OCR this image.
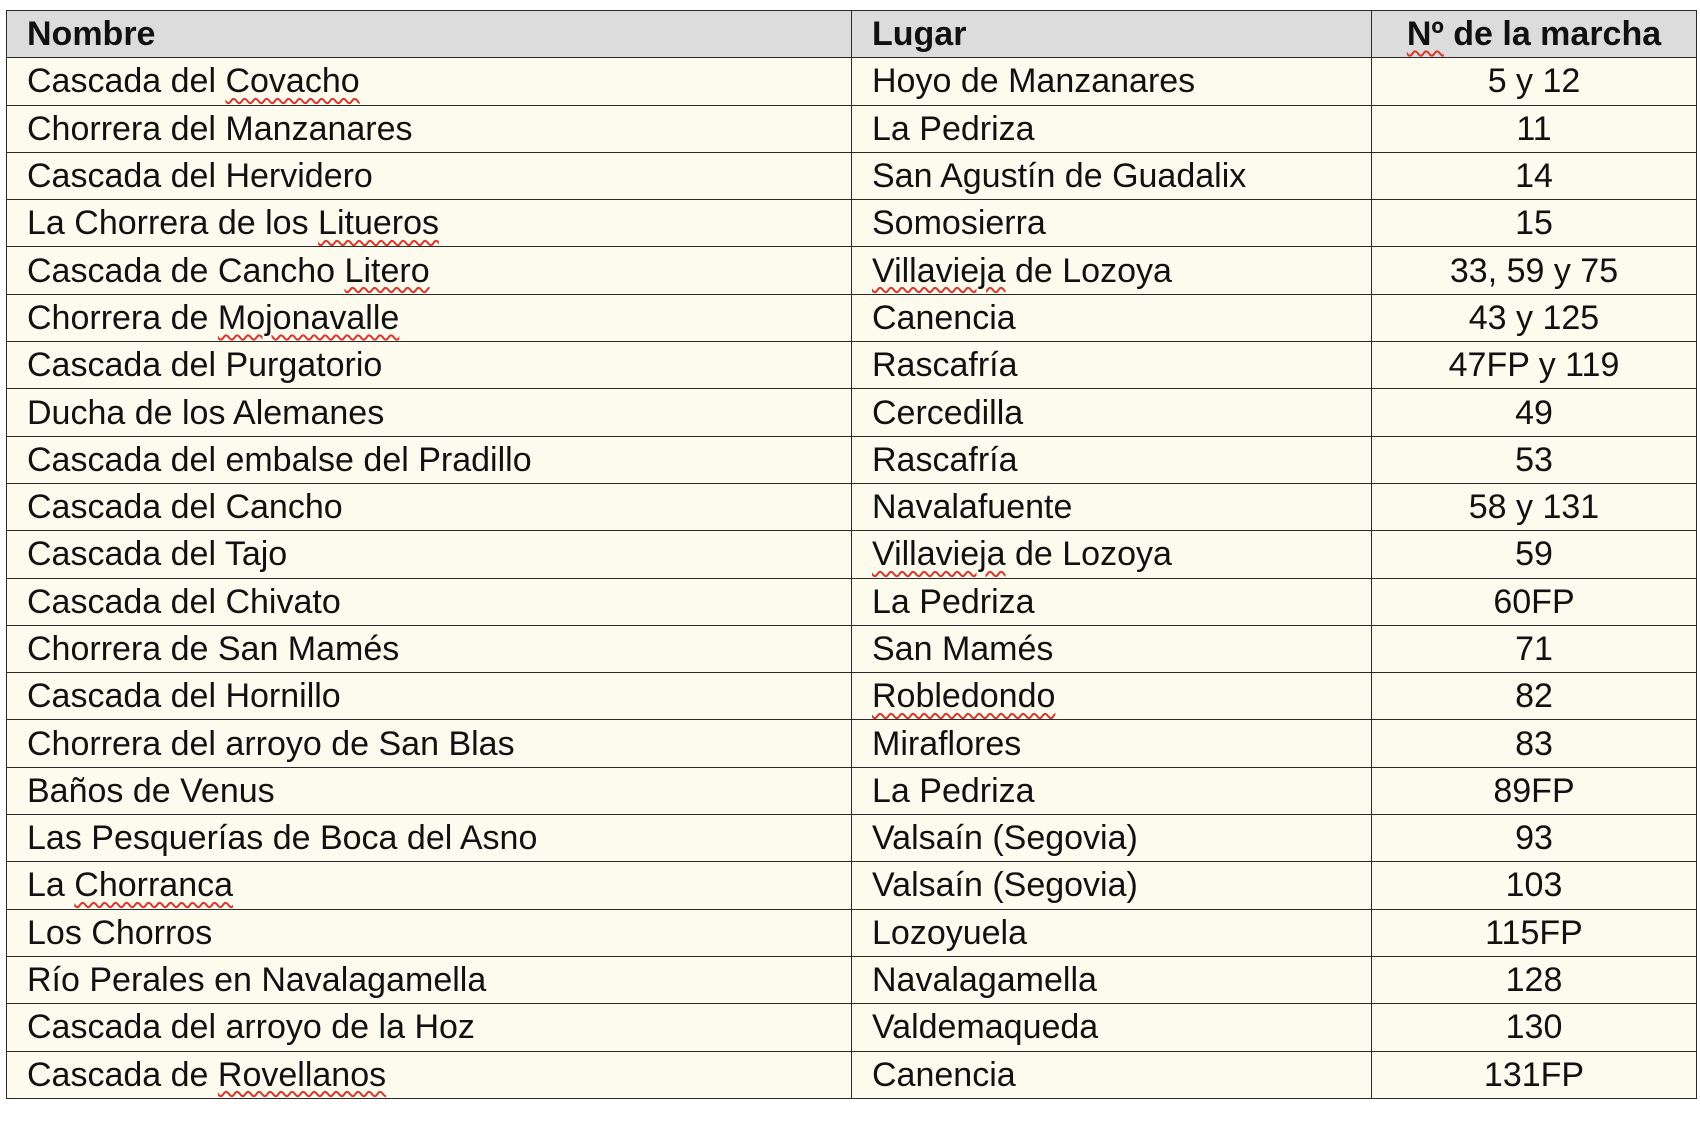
Nombre	Lugar	Nº de la marcha
Cascada del Covacho	Hoyo de Manzanares	5 y 12
Chorrera del Manzanares	La Pedriza	11
Cascada del Hervidero	San Agustín de Guadalix	14
La Chorrera de los Litueros	Somosierra	15
Cascada de Cancho Litero	Villavieja de Lozoya	33, 59 y 75
Chorrera de Mojonavalle	Canencia	43 y 125
Cascada del Purgatorio	Rascafría	47FP y 119
Ducha de los Alemanes	Cercedilla	49
Cascada del embalse del Pradillo	Rascafría	53
Cascada del Cancho	Navalafuente	58 y 131
Cascada del Tajo	Villavieja de Lozoya	59
Cascada del Chivato	La Pedriza	60FP
Chorrera de San Mamés	San Mamés	71
Cascada del Hornillo	Robledondo	82
Chorrera del arroyo de San Blas	Miraflores	83
Baños de Venus	La Pedriza	89FP
Las Pesquerías de Boca del Asno	Valsaín (Segovia)	93
La Chorranca	Valsaín (Segovia)	103
Los Chorros	Lozoyuela	115FP
Río Perales en Navalagamella	Navalagamella	128
Cascada del arroyo de la Hoz	Valdemaqueda	130
Cascada de Rovellanos	Canencia	131FP
